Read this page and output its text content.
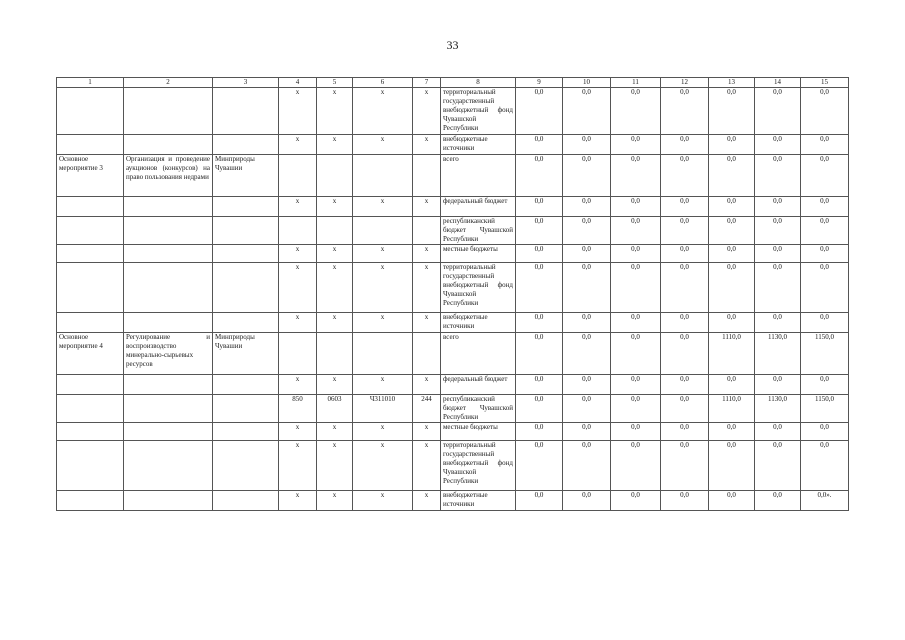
33
1	2	3	4	5	6	7	8	9	10	11	12	13	14	15
			х	х	х	х	территориальный государственный внебюджетный фонд Чувашской Республики	0,0	0,0	0,0	0,0	0,0	0,0	0,0
			х	х	х	х	внебюджетные источники	0,0	0,0	0,0	0,0	0,0	0,0	0,0
Основное мероприятие 3	Организация и проведение аукционов (конкурсов) на право пользования недрами	Минприроды Чувашии					всего	0,0	0,0	0,0	0,0	0,0	0,0	0,0
			х	х	х	х	федеральный бюджет	0,0	0,0	0,0	0,0	0,0	0,0	0,0
							республиканский бюджет Чувашской Республики	0,0	0,0	0,0	0,0	0,0	0,0	0,0
			х	х	х	х	местные бюджеты	0,0	0,0	0,0	0,0	0,0	0,0	0,0
			х	х	х	х	территориальный государственный внебюджетный фонд Чувашской Республики	0,0	0,0	0,0	0,0	0,0	0,0	0,0
			х	х	х	х	внебюджетные источники	0,0	0,0	0,0	0,0	0,0	0,0	0,0
Основное мероприятие 4	Регулирование и воспроизводство минерально-сырьевых ресурсов	Минприроды Чувашии					всего	0,0	0,0	0,0	0,0	1110,0	1130,0	1150,0
			х	х	х	х	федеральный бюджет	0,0	0,0	0,0	0,0	0,0	0,0	0,0
			850	0603	Ч311010	244	республиканский бюджет Чувашской Республики	0,0	0,0	0,0	0,0	1110,0	1130,0	1150,0
			х	х	х	х	местные бюджеты	0,0	0,0	0,0	0,0	0,0	0,0	0,0
			х	х	х	х	территориальный государственный внебюджетный фонд Чувашской Республики	0,0	0,0	0,0	0,0	0,0	0,0	0,0
			х	х	х	х	внебюджетные источники	0,0	0,0	0,0	0,0	0,0	0,0	0,0».
